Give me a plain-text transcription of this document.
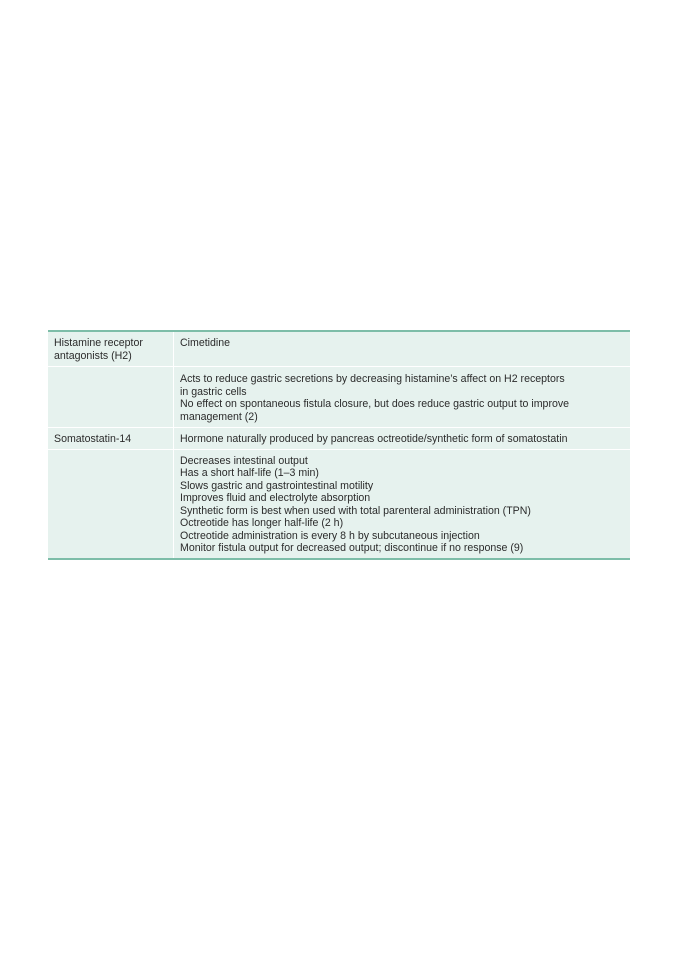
Histamine receptor
antagonists (H2)
Cimetidine
Acts to reduce gastric secretions by decreasing histamine’s affect on H2 receptors
in gastric cells
No effect on spontaneous fistula closure, but does reduce gastric output to improve
management (2)
Somatostatin-14	Hormone naturally produced by pancreas octreotide/synthetic form of somatostatin
Decreases intestinal output
Has a short half-life (1–3 min)
Slows gastric and gastrointestinal motility
Improves fluid and electrolyte absorption
Synthetic form is best when used with total parenteral administration (TPN)
Octreotide has longer half-life (2 h)
Octreotide administration is every 8 h by subcutaneous injection
Monitor fistula output for decreased output; discontinue if no response (9)
